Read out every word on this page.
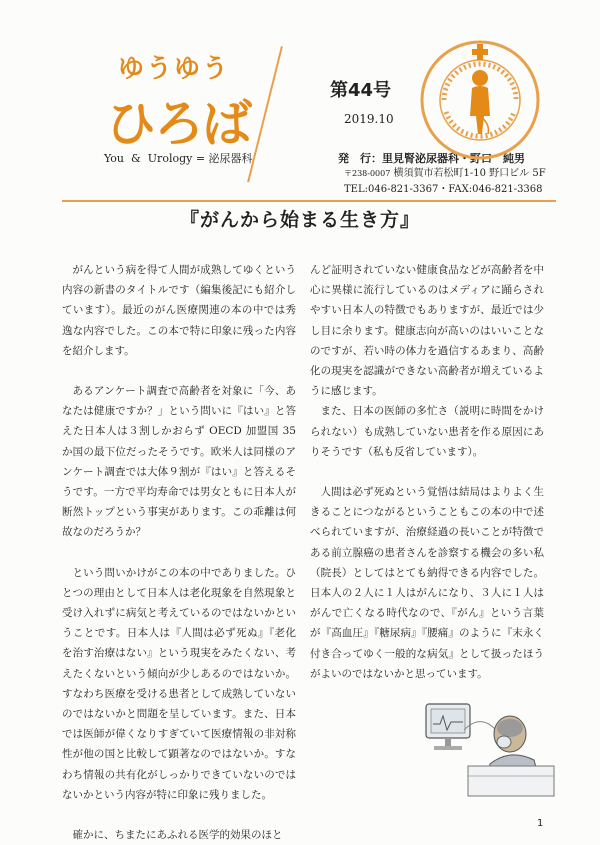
ゆうゆう
ひろば
You  &  Urology = 泌尿器科
第44号
2019.10
発　行：里見腎泌尿器科・野口　純男
〒238-0007 横須賀市若松町1-10 野口ビル 5F
TEL:046-821-3367・FAX:046-821-3368
『がんから始まる生き方』

がんという病を得て人間が成熟してゆくという内容の新書のタイトルです（編集後記にも紹介しています）。最近のがん医療関連の本の中では秀逸な内容でした。この本で特に印象に残った内容を紹介します。

あるアンケート調査で高齢者を対象に「今、あなたは健康ですか？」という問いに『はい』と答えた日本人は３割しかおらず OECD 加盟国 35 か国の最下位だったそうです。欧米人は同様のアンケート調査では大体９割が『はい』と答えるそうです。一方で平均寿命では男女ともに日本人が断然トップという事実があります。この乖離は何故なのだろうか？

という問いかけがこの本の中でありました。ひとつの理由として日本人は老化現象を自然現象と受け入れずに病気と考えているのではないかということです。日本人は『人間は必ず死ぬ』『老化を治す治療はない』という現実をみたくない、考えたくないという傾向が少しあるのではないか。すなわち医療を受ける患者として成熟していないのではないかと問題を呈しています。また、日本では医師が偉くなりすぎていて医療情報の非対称性が他の国と比較して顕著なのではないか。すなわち情報の共有化がしっかりできていないのではないかという内容が特に印象に残りました。

確かに、ちまたにあふれる医学的効果のほと

んど証明されていない健康食品などが高齢者を中心に異様に流行しているのはメディアに踊らされやすい日本人の特徴でもありますが、最近では少し目に余ります。健康志向が高いのはいいことなのですが、若い時の体力を過信するあまり、高齢化の現実を認識ができない高齢者が増えているように感じます。

また、日本の医師の多忙さ（説明に時間をかけられない）も成熟していない患者を作る原因にありそうです（私も反省しています）。

人間は必ず死ぬという覚悟は結局はよりよく生きることにつながるということもこの本の中で述べられていますが、治療経過の長いことが特徴である前立腺癌の患者さんを診察する機会の多い私（院長）としてはとても納得できる内容でした。日本人の２人に１人はがんになり、３人に１人はがんで亡くなる時代なので、『がん』という言葉が『高血圧』『糖尿病』『腰痛』のように『末永く付き合ってゆく一般的な病気』として扱ったほうがよいのではないかと思っています。

1
